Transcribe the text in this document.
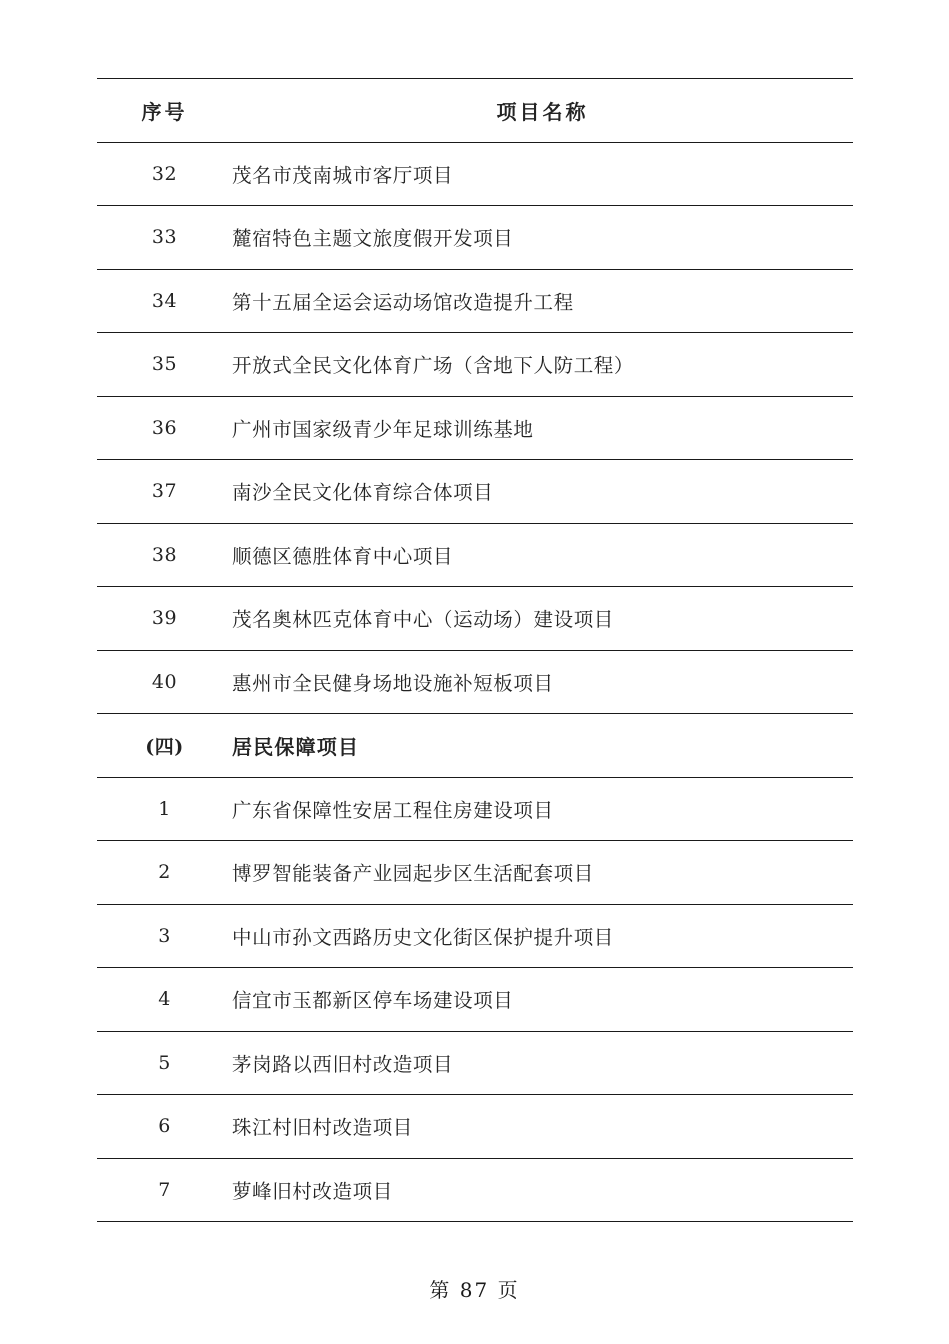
序号	项目名称
32	茂名市茂南城市客厅项目
33	麓宿特色主题文旅度假开发项目
34	第十五届全运会运动场馆改造提升工程
35	开放式全民文化体育广场（含地下人防工程）
36	广州市国家级青少年足球训练基地
37	南沙全民文化体育综合体项目
38	顺德区德胜体育中心项目
39	茂名奥林匹克体育中心（运动场）建设项目
40	惠州市全民健身场地设施补短板项目
(四)	居民保障项目
1	广东省保障性安居工程住房建设项目
2	博罗智能装备产业园起步区生活配套项目
3	中山市孙文西路历史文化街区保护提升项目
4	信宜市玉都新区停车场建设项目
5	茅岗路以西旧村改造项目
6	珠江村旧村改造项目
7	萝峰旧村改造项目
第 87 页
